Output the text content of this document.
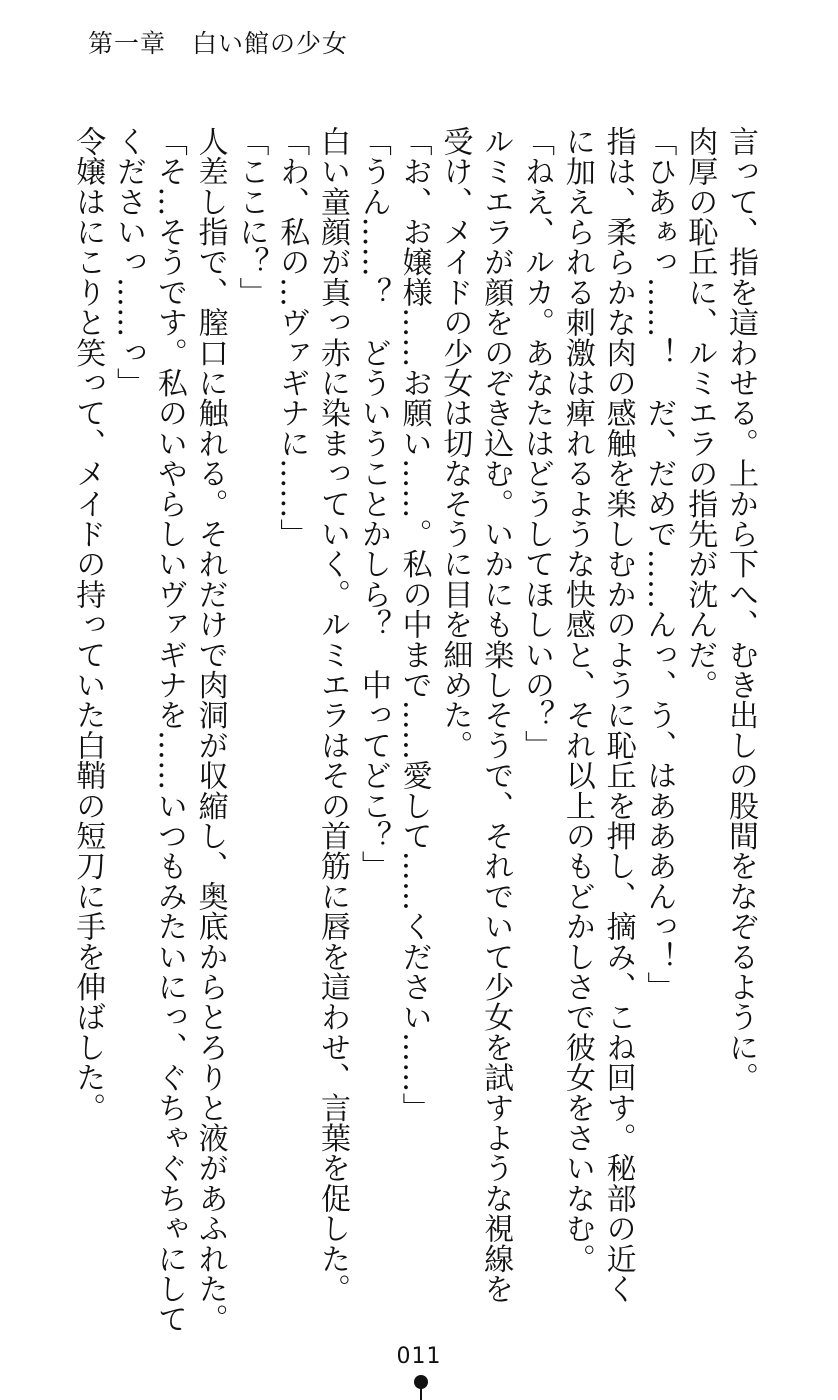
第一章　白い館の少女

言って、指を這わせる。上から下へ、むき出しの股間をなぞるように。

肉厚の恥丘に、ルミエラの指先が沈んだ。

「ひあぁっ……！　だ、だめで……んっ、う、はあああんっ！」

指は、柔らかな肉の感触を楽しむかのように恥丘を押し、摘み、こね回す。秘部の近く

に加えられる刺激は痺れるような快感と、それ以上のもどかしさで彼女をさいなむ。

「ねえ、ルカ。あなたはどうしてほしいの？」

ルミエラが顔をのぞき込む。いかにも楽しそうで、それでいて少女を試すような視線を

受け、メイドの少女は切なそうに目を細めた。

「お、お嬢様……お願い……。私の中まで……愛して……ください……」

「うん……？　どういうことかしら？　中ってどこ？」

白い童顔が真っ赤に染まっていく。ルミエラはその首筋に唇を這わせ、言葉を促した。

「わ、私の…ヴァギナに……」

「ここに？」

人差し指で、膣口に触れる。それだけで肉洞が収縮し、奥底からとろりと液があふれた。

「そ…そうです。私のいやらしいヴァギナを……いつもみたいにっ、ぐちゃぐちゃにして

くださいっ……っ」

令嬢はにこりと笑って、メイドの持っていた白鞘の短刀に手を伸ばした。

011
